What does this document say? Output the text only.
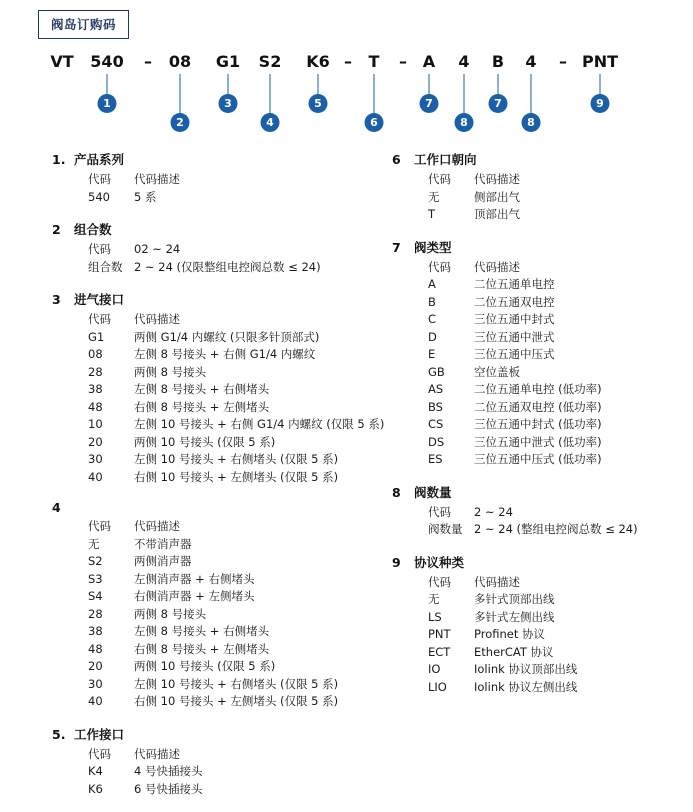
阀岛订购码
VT 540
1
– 08
2
G1
3
S2
4
K6
5
– T
6
– A
7
4
8
B
7
4
8
– PNT
9
1. 产品系列
代码	代码描述
540	5 系
2	组合数
代码	02 ~ 24
组合数	2 ~ 24 (仅限整组电控阀总数 ≤ 24)
3	进气接口
代码	代码描述
G1	两侧 G1/4 内螺纹 (只限多针顶部式)
08	左侧 8 号接头 + 右侧 G1/4 内螺纹
28	两侧 8 号接头
38	左侧 8 号接头 + 右侧堵头
48	右侧 8 号接头 + 左侧堵头
10	左侧 10 号接头 + 右侧 G1/4 内螺纹 (仅限 5 系)
20	两侧 10 号接头 (仅限 5 系)
30	左侧 10 号接头 + 右侧堵头 (仅限 5 系)
40	右侧 10 号接头 + 左侧堵头 (仅限 5 系)
4
代码	代码描述
无	不带消声器
S2	两侧消声器
S3	左侧消声器 + 右侧堵头
S4	右侧消声器 + 左侧堵头
28	两侧 8 号接头
38	左侧 8 号接头 + 右侧堵头
48	右侧 8 号接头 + 左侧堵头
20	两侧 10 号接头 (仅限 5 系)
30	左侧 10 号接头 + 右侧堵头 (仅限 5 系)
40	右侧 10 号接头 + 左侧堵头 (仅限 5 系)
5. 工作接口
代码	代码描述
K4	4 号快插接头
K6	6 号快插接头
6	工作口朝向
代码	代码描述
无	侧部出气
T	顶部出气
7	阀类型
代码	代码描述
A	二位五通单电控
B	二位五通双电控
C	三位五通中封式
D	三位五通中泄式
E	三位五通中压式
GB	空位盖板
AS	二位五通单电控 (低功率)
BS	二位五通双电控 (低功率)
CS	三位五通中封式 (低功率)
DS	三位五通中泄式 (低功率)
ES	三位五通中压式 (低功率)
8	阀数量
代码	2 ~ 24
阀数量	2 ~ 24 (整组电控阀总数 ≤ 24)
9	协议种类
代码	代码描述
无	多针式顶部出线
LS	多针式左侧出线
PNT	Profinet 协议
ECT	EtherCAT 协议
IO	Iolink 协议顶部出线
LIO	Iolink 协议左侧出线
